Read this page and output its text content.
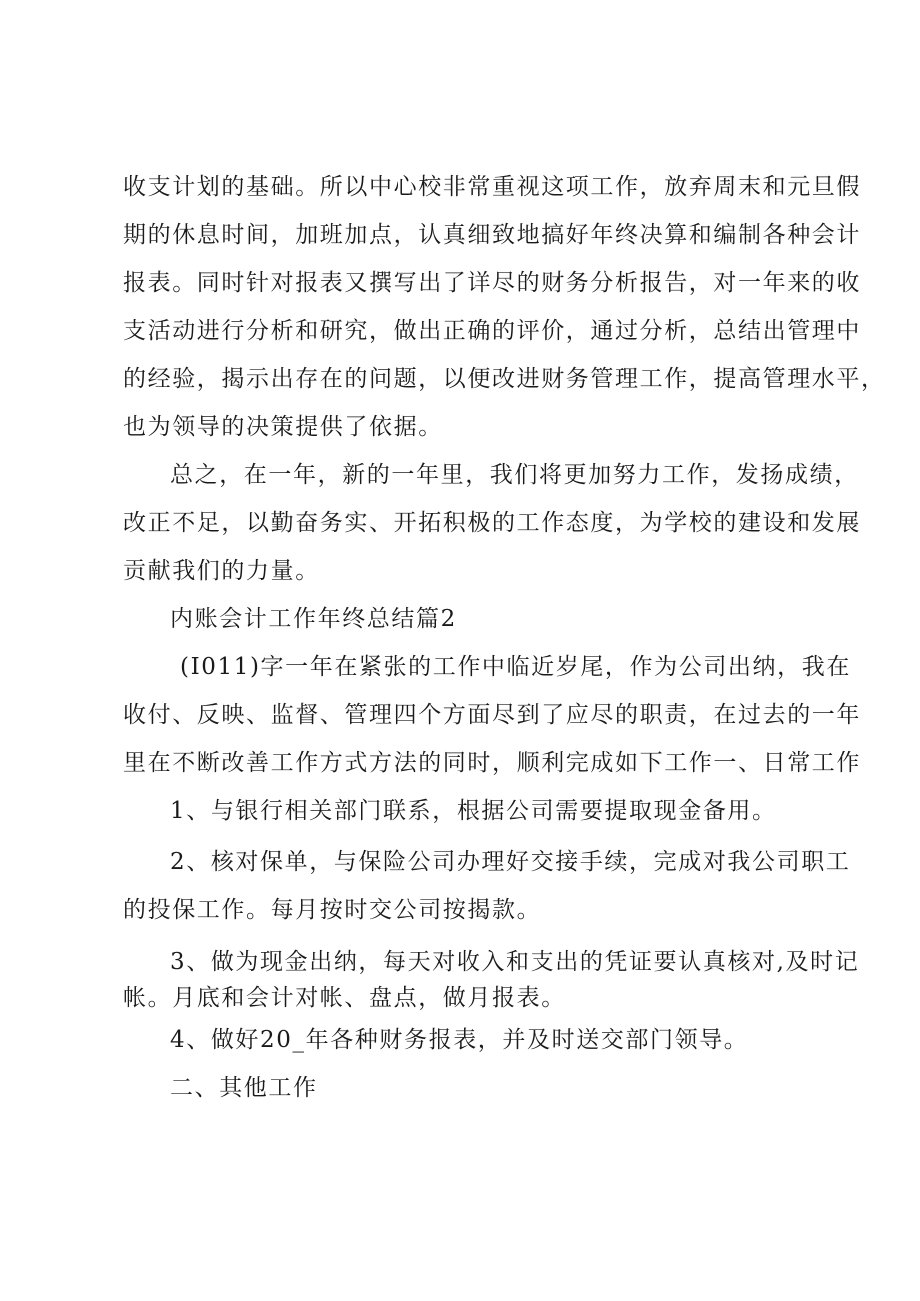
收支计划的基础。所以中心校非常重视这项工作，放弃周末和元旦假
期的休息时间，加班加点，认真细致地搞好年终决算和编制各种会计
报表。同时针对报表又撰写出了详尽的财务分析报告，对一年来的收
支活动进行分析和研究，做出正确的评价，通过分析，总结出管理中
的经验，揭示出存在的问题，以便改进财务管理工作，提高管理水平，
也为领导的决策提供了依据。
总之，在一年，新的一年里，我们将更加努力工作，发扬成绩，
改正不足，以勤奋务实、开拓积极的工作态度，为学校的建设和发展
贡献我们的力量。
内账会计工作年终总结篇2
(I011)字一年在紧张的工作中临近岁尾，作为公司出纳，我在
收付、反映、监督、管理四个方面尽到了应尽的职责，在过去的一年
里在不断改善工作方式方法的同时，顺利完成如下工作一、日常工作
1、与银行相关部门联系，根据公司需要提取现金备用。
2、核对保单，与保险公司办理好交接手续，完成对我公司职工
的投保工作。每月按时交公司按揭款。
3、做为现金出纳，每天对收入和支出的凭证要认真核对,及时记
帐。月底和会计对帐、盘点，做月报表。
4、做好20_年各种财务报表，并及时送交部门领导。
二、其他工作
